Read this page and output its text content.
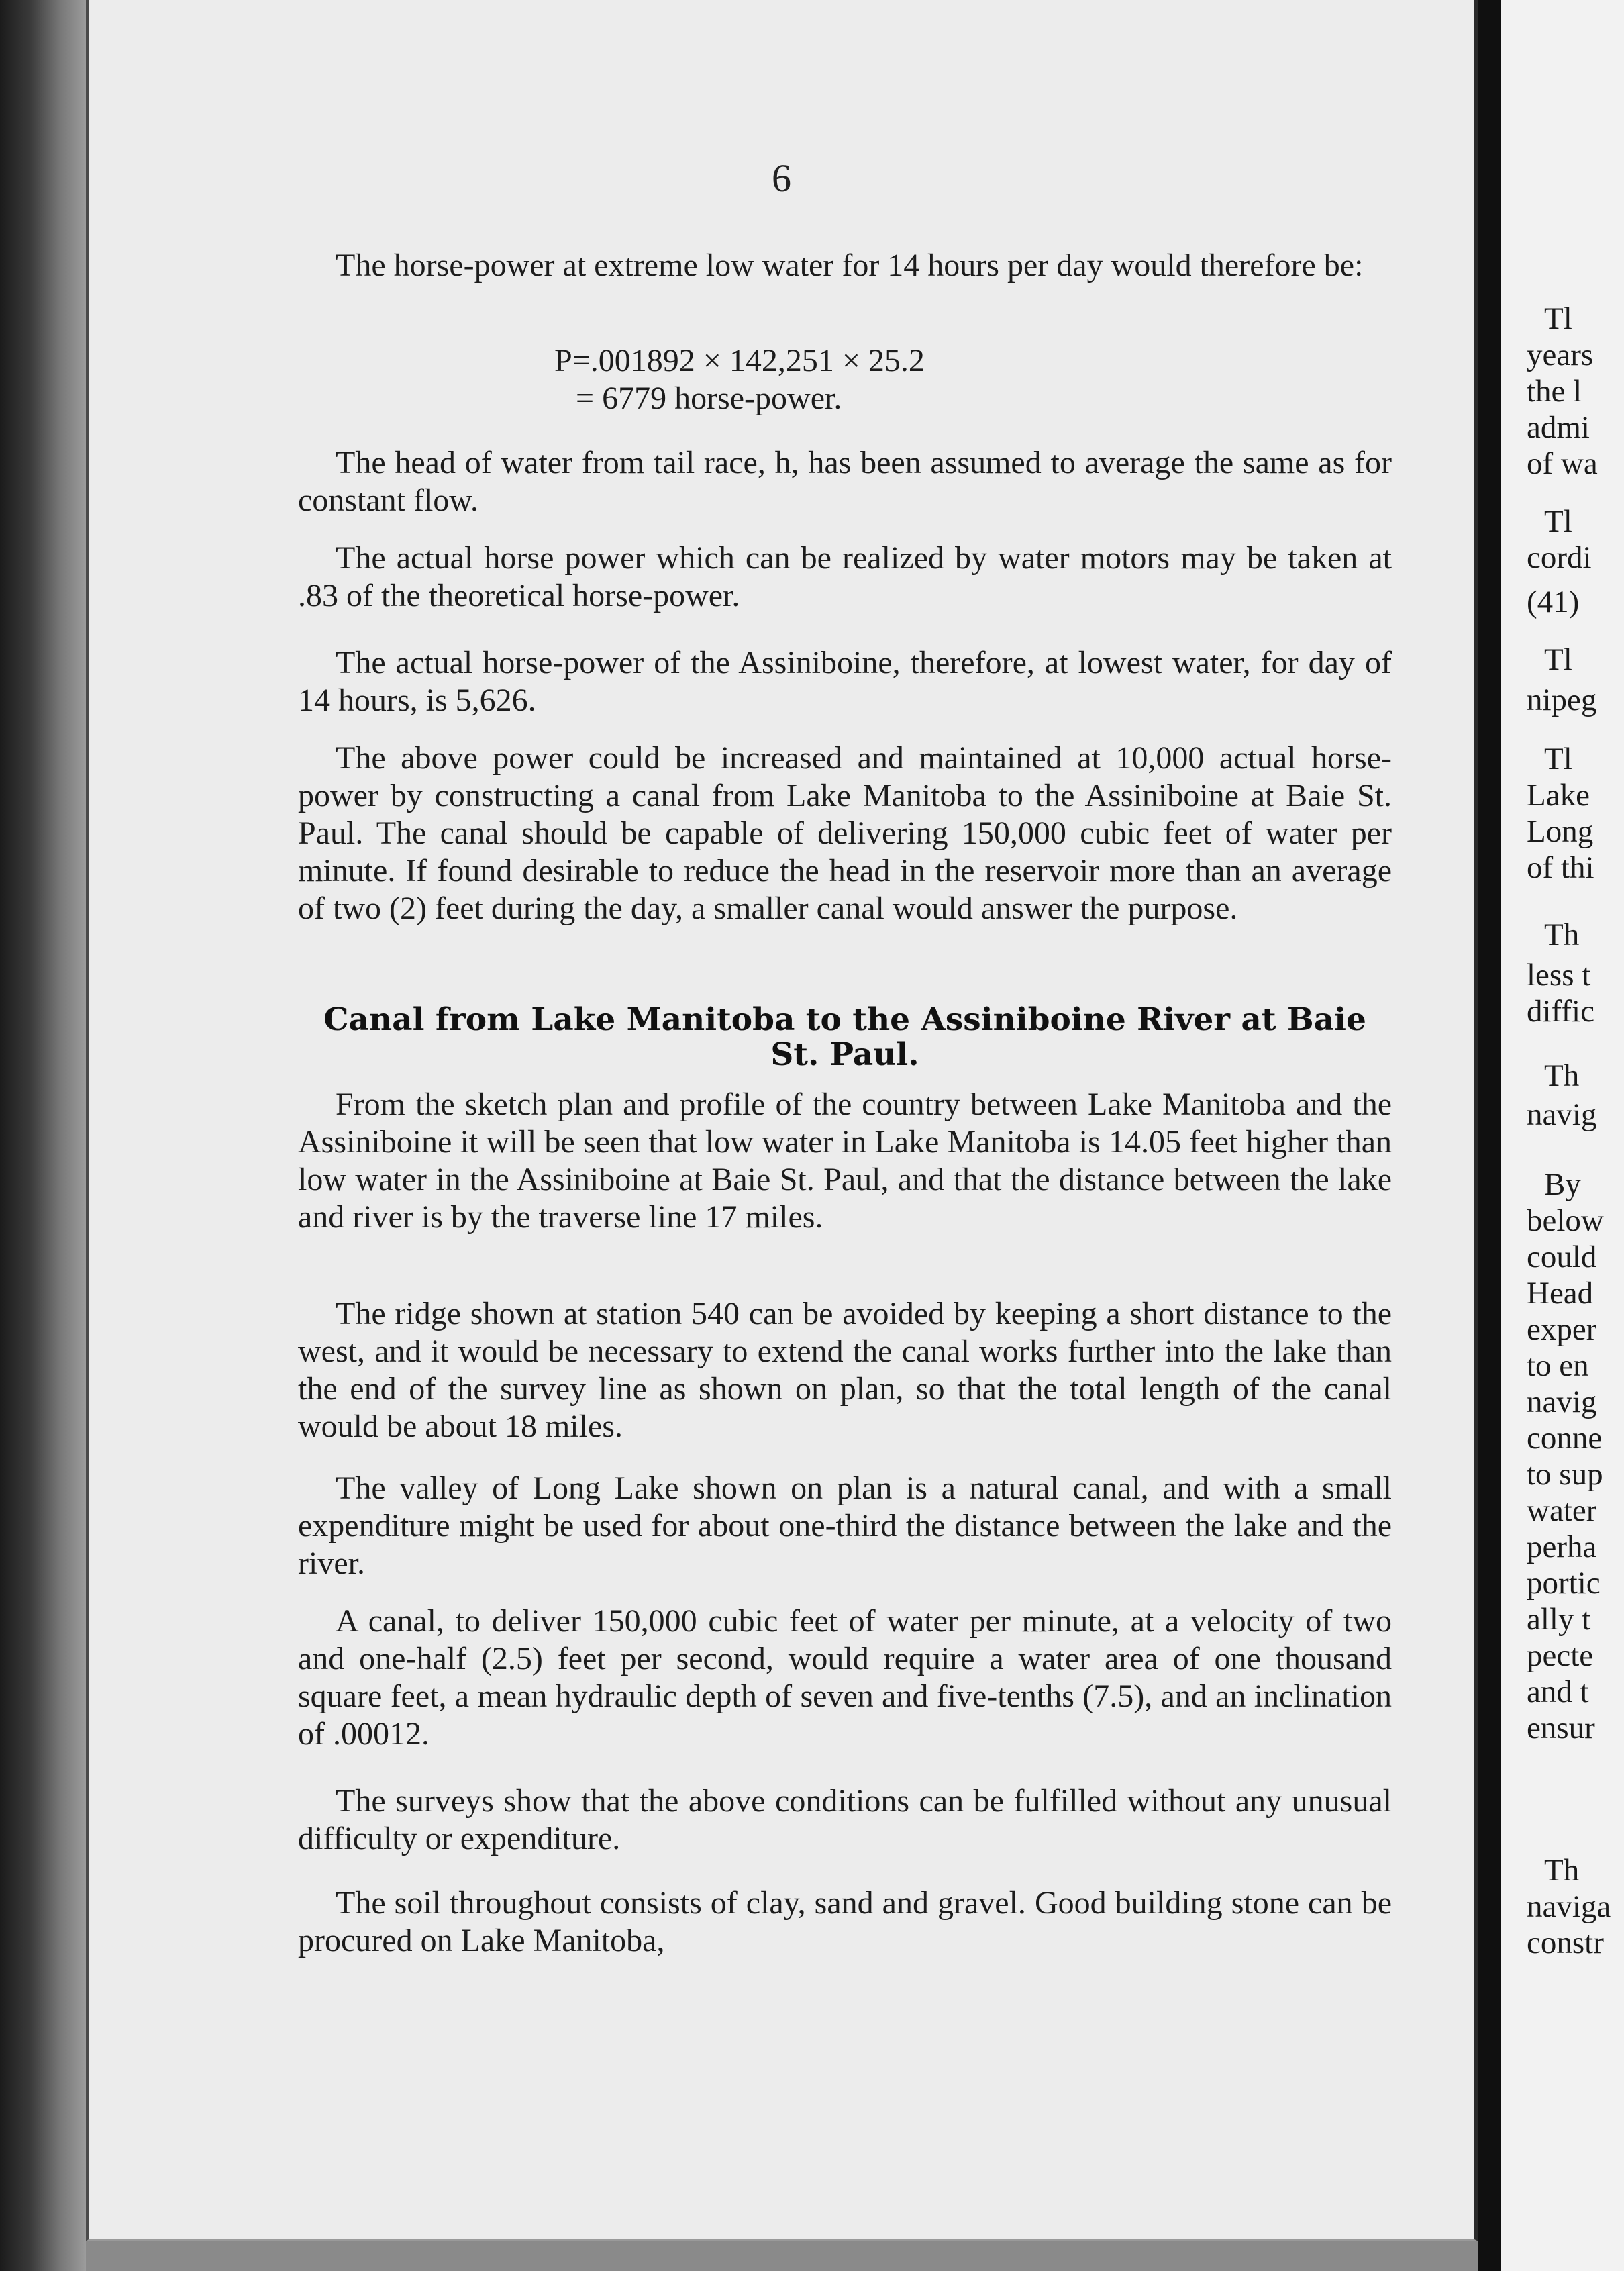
6

The horse-power at extreme low water for 14 hours per day would therefore be:

P=.001892 × 142,251 × 25.2
= 6779 horse-power.

The head of water from tail race, h, has been assumed to average the same as for constant flow.

The actual horse power which can be realized by water motors may be taken at .83 of the theoretical horse-power.

The actual horse-power of the Assiniboine, therefore, at lowest water, for day of 14 hours, is 5,626.

The above power could be increased and maintained at 10,000 actual horse-power by constructing a canal from Lake Manitoba to the Assiniboine at Baie St. Paul. The canal should be capable of delivering 150,000 cubic feet of water per minute. If found desirable to reduce the head in the reservoir more than an average of two (2) feet during the day, a smaller canal would answer the purpose.

Canal from Lake Manitoba to the Assiniboine River at Baie St. Paul.

From the sketch plan and profile of the country between Lake Manitoba and the Assiniboine it will be seen that low water in Lake Manitoba is 14.05 feet higher than low water in the Assiniboine at Baie St. Paul, and that the distance between the lake and river is by the traverse line 17 miles.

The ridge shown at station 540 can be avoided by keeping a short distance to the west, and it would be necessary to extend the canal works further into the lake than the end of the survey line as shown on plan, so that the total length of the canal would be about 18 miles.

The valley of Long Lake shown on plan is a natural canal, and with a small expenditure might be used for about one-third the distance between the lake and the river.

A canal, to deliver 150,000 cubic feet of water per minute, at a velocity of two and one-half (2.5) feet per second, would require a water area of one thousand square feet, a mean hydraulic depth of seven and five-tenths (7.5), and an inclination of .00012.

The surveys show that the above conditions can be fulfilled without any unusual difficulty or expenditure.

The soil throughout consists of clay, sand and gravel. Good building stone can be procured on Lake Manitoba,

Tl
years
the l
admi
of wa
Tl
cordi
(41)
Tl
nipeg
Tl
Lake
Long
of thi
Th
less t
diffic
Th
navig
By
below
could
Head
exper
to en
navig
conne
to sup
water
perha
portic
ally t
pecte
and t
ensur
Th
naviga
constr
